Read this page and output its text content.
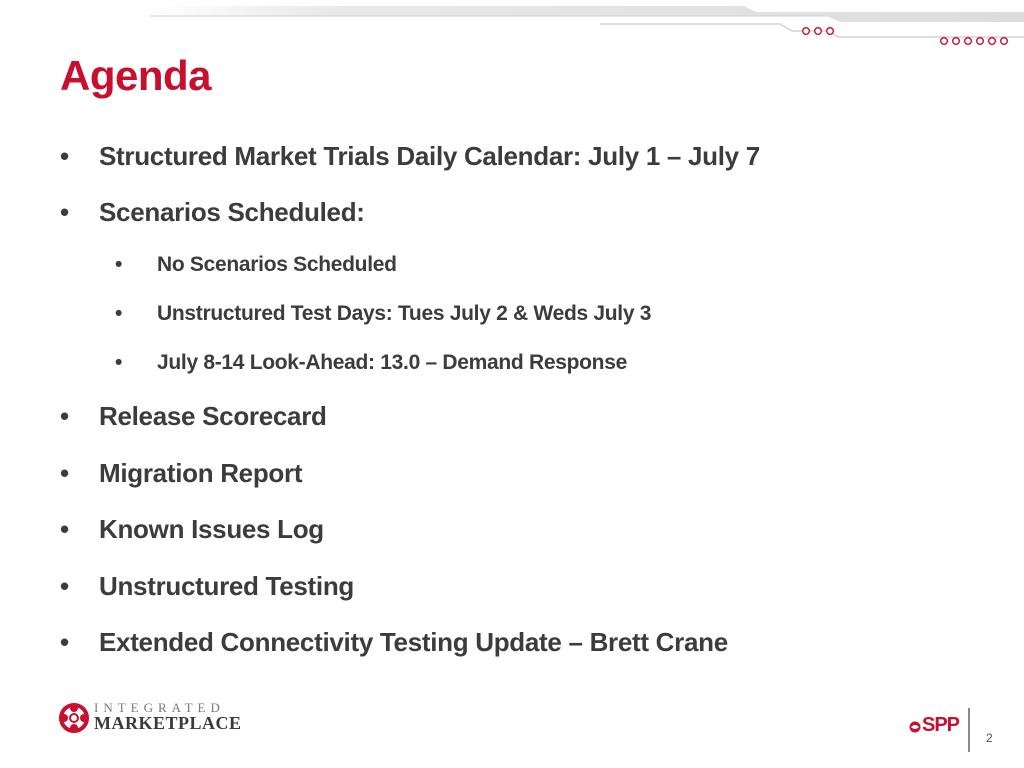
Agenda
• Structured Market Trials Daily Calendar: July 1 – July 7
• Scenarios Scheduled:
• No Scenarios Scheduled
• Unstructured Test Days: Tues July 2 & Weds July 3
• July 8-14 Look-Ahead: 13.0 – Demand Response
• Release Scorecard
• Migration Report
• Known Issues Log
• Unstructured Testing
• Extended Connectivity Testing Update – Brett Crane
INTEGRATED
MARKETPLACE	SPP
2
